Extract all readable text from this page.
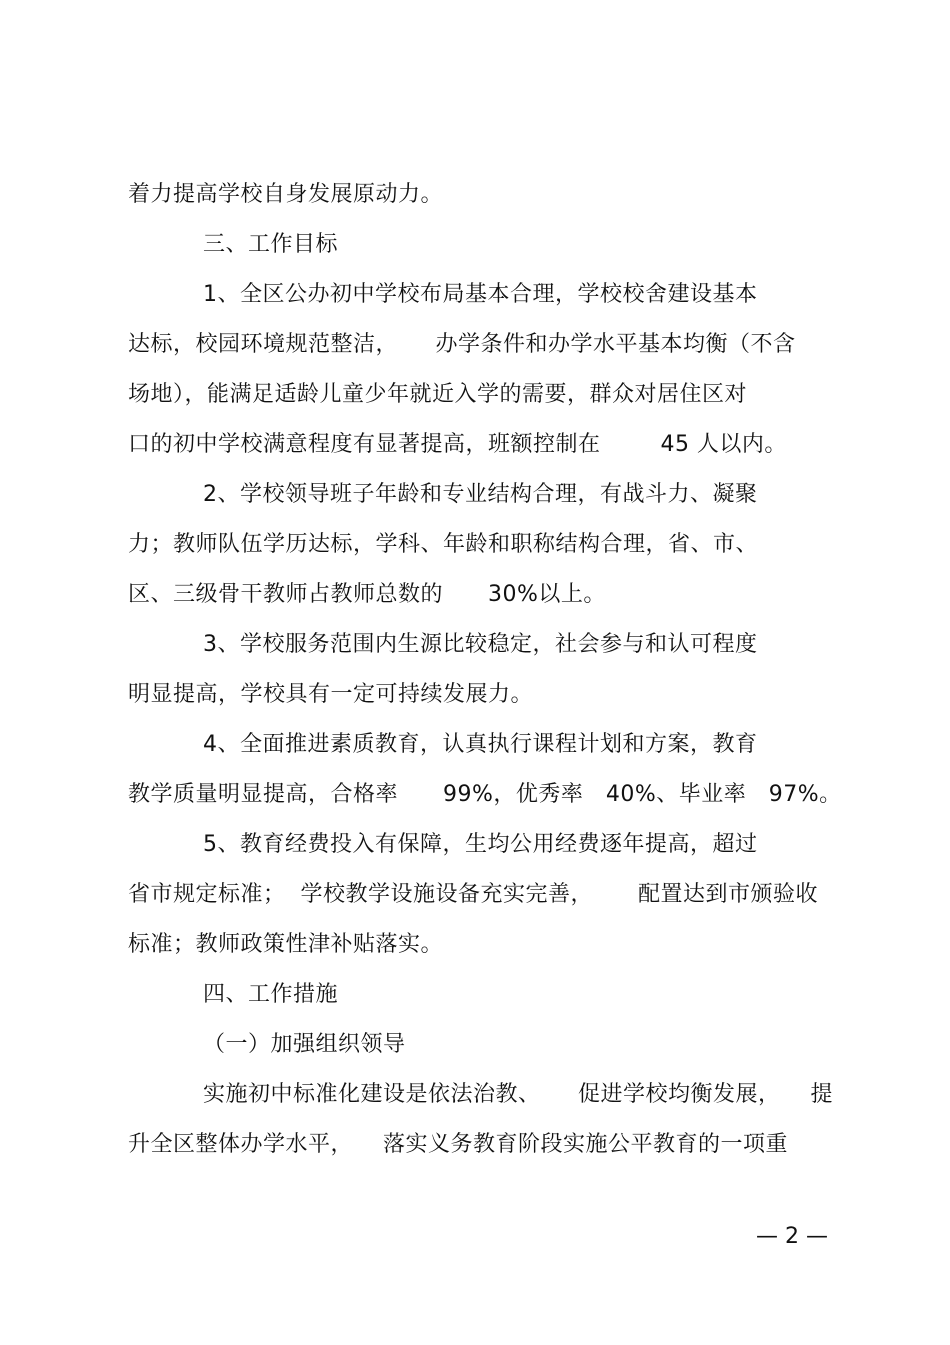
着力提高学校自身发展原动力。
三、工作目标
1、全区公办初中学校布局基本合理，学校校舍建设基本
达标，校园环境规范整洁，     办学条件和办学水平基本均衡（不含
场地），能满足适龄儿童少年就近入学的需要，群众对居住区对
口的初中学校满意程度有显著提高，班额控制在        45 人以内。
2、学校领导班子年龄和专业结构合理，有战斗力、凝聚
力；教师队伍学历达标，学科、年龄和职称结构合理，省、市、
区、三级骨干教师占教师总数的      30%以上。
3、学校服务范围内生源比较稳定，社会参与和认可程度
明显提高，学校具有一定可持续发展力。
4、全面推进素质教育，认真执行课程计划和方案，教育
教学质量明显提高，合格率      99%，优秀率   40%、毕业率   97%。
5、教育经费投入有保障，生均公用经费逐年提高，超过
省市规定标准；  学校教学设施设备充实完善，      配置达到市颁验收
标准；教师政策性津补贴落实。
四、工作措施
（一）加强组织领导
实施初中标准化建设是依法治教、     促进学校均衡发展，    提
升全区整体办学水平，    落实义务教育阶段实施公平教育的一项重
— 2 —
